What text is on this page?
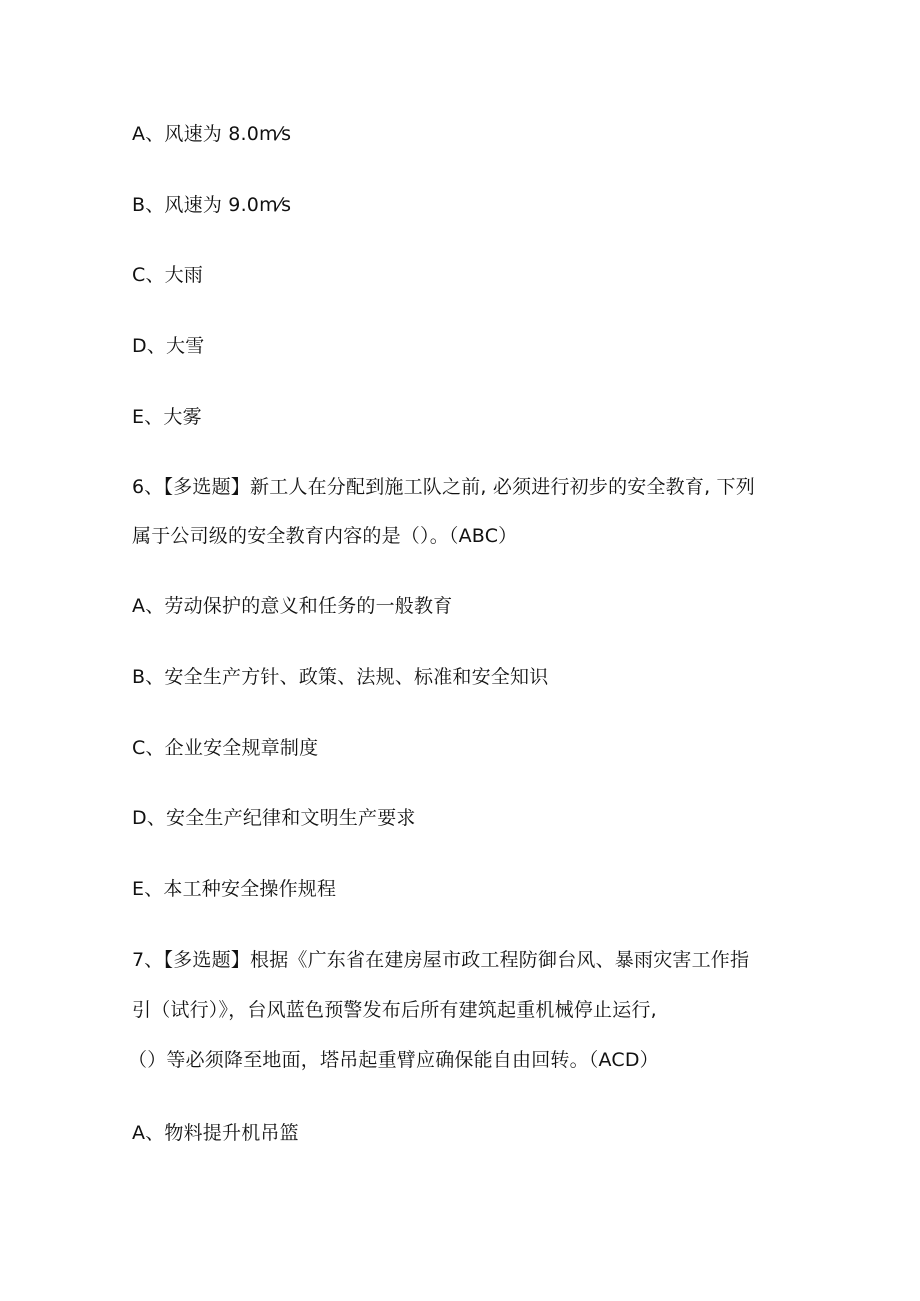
A、风速为 8.0m⁄s
B、风速为 9.0m⁄s
C、大雨
D、大雪
E、大雾
6、【多选题】新工人在分配到施工队之前, 必须进行初步的安全教育, 下列
属于公司级的安全教育内容的是（）。（ABC）
A、劳动保护的意义和任务的一般教育
B、安全生产方针、政策、法规、标准和安全知识
C、企业安全规章制度
D、安全生产纪律和文明生产要求
E、本工种安全操作规程
7、【多选题】根据《广东省在建房屋市政工程防御台风、暴雨灾害工作指
引（试行）》，台风蓝色预警发布后所有建筑起重机械停止运行,
（）等必须降至地面，塔吊起重臂应确保能自由回转。（ACD）
A、物料提升机吊篮
